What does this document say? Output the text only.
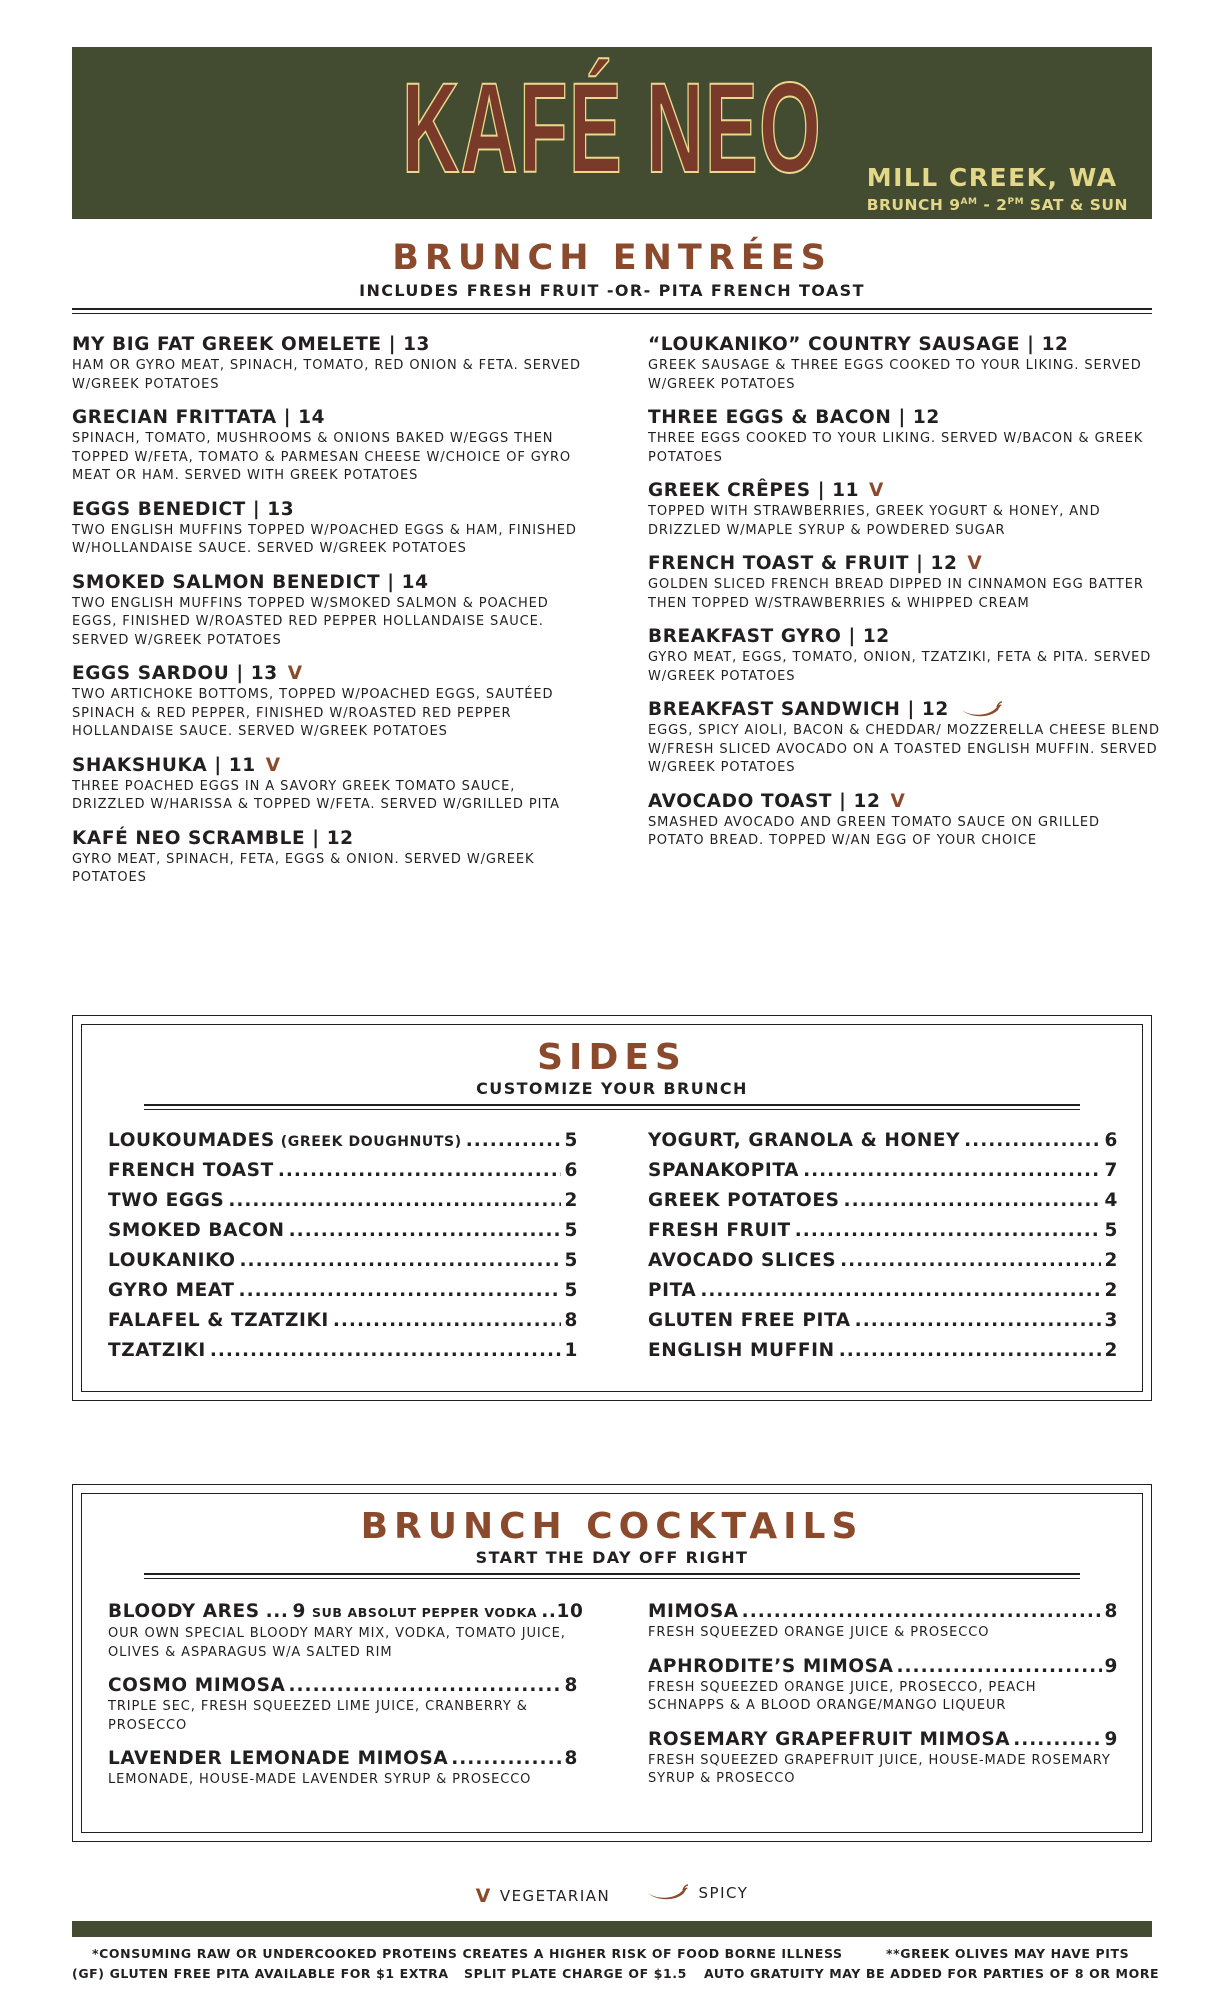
KAFÉ NEO MILL CREEK, WA
BRUNCH $9^{AM} - 2^{PM}$ SAT & SUN
BRUNCH ENTRÉES
INCLUDES FRESH FRUIT -OR- PITA FRENCH TOAST
MY BIG FAT GREEK OMELETE | 13
HAM OR GYRO MEAT, SPINACH, TOMATO, RED ONION & FETA. SERVED W/GREEK POTATOES
GRECIAN FRITTATA | 14
SPINACH, TOMATO, MUSHROOMS & ONIONS BAKED W/EGGS THEN TOPPED W/FETA, TOMATO & PARMESAN CHEESE W/CHOICE OF GYRO MEAT OR HAM. SERVED WITH GREEK POTATOES
EGGS BENEDICT | 13
TWO ENGLISH MUFFINS TOPPED W/POACHED EGGS & HAM, FINISHED W/HOLLANDAISE SAUCE. SERVED W/GREEK POTATOES
SMOKED SALMON BENEDICT | 14
TWO ENGLISH MUFFINS TOPPED W/SMOKED SALMON & POACHED EGGS, FINISHED W/ROASTED RED PEPPER HOLLANDAISE SAUCE. SERVED W/GREEK POTATOES
EGGS SARDOU | 13 V
TWO ARTICHOKE BOTTOMS, TOPPED W/POACHED EGGS, SAUTÉED SPINACH & RED PEPPER, FINISHED W/ROASTED RED PEPPER HOLLANDAISE SAUCE. SERVED W/GREEK POTATOES
SHAKSHUKA | 11 V
THREE POACHED EGGS IN A SAVORY GREEK TOMATO SAUCE, DRIZZLED W/HARISSA & TOPPED W/FETA. SERVED W/GRILLED PITA
KAFÉ NEO SCRAMBLE | 12
GYRO MEAT, SPINACH, FETA, EGGS & ONION. SERVED W/GREEK POTATOES
“LOUKANIKO” COUNTRY SAUSAGE | 12
GREEK SAUSAGE & THREE EGGS COOKED TO YOUR LIKING. SERVED W/GREEK POTATOES
THREE EGGS & BACON | 12
THREE EGGS COOKED TO YOUR LIKING. SERVED W/BACON & GREEK POTATOES
GREEK CRÊPES | 11 V
TOPPED WITH STRAWBERRIES, GREEK YOGURT & HONEY, AND DRIZZLED W/MAPLE SYRUP & POWDERED SUGAR
FRENCH TOAST & FRUIT | 12 V
GOLDEN SLICED FRENCH BREAD DIPPED IN CINNAMON EGG BATTER THEN TOPPED W/STRAWBERRIES & WHIPPED CREAM
BREAKFAST GYRO | 12
GYRO MEAT, EGGS, TOMATO, ONION, TZATZIKI, FETA & PITA. SERVED W/GREEK POTATOES
BREAKFAST SANDWICH | 12
EGGS, SPICY AIOLI, BACON & CHEDDAR/ MOZZERELLA CHEESE BLEND W/FRESH SLICED AVOCADO ON A TOASTED ENGLISH MUFFIN. SERVED W/GREEK POTATOES
AVOCADO TOAST | 12 V
SMASHED AVOCADO AND GREEN TOMATO SAUCE ON GRILLED POTATO BREAD. TOPPED W/AN EGG OF YOUR CHOICE
SIDES
CUSTOMIZE YOUR BRUNCH
LOUKOUMADES (GREEK DOUGHNUTS) .....	5
FRENCH TOAST .....	6
TWO EGGS .....	2
SMOKED BACON .....	5
LOUKANIKO .....	5
GYRO MEAT .....	5
FALAFEL & TZATZIKI .....	8
TZATZIKI .....	1
YOGURT, GRANOLA & HONEY .....	6
SPANAKOPITA .....	7
GREEK POTATOES .....	4
FRESH FRUIT .....	5
AVOCADO SLICES .....	2
PITA .....	2
GLUTEN FREE PITA .....	3
ENGLISH MUFFIN .....	2
BRUNCH COCKTAILS
START THE DAY OFF RIGHT
BLOODY ARES ... 9 SUB ABSOLUT PEPPER VODKA .. 10
OUR OWN SPECIAL BLOODY MARY MIX, VODKA, TOMATO JUICE, OLIVES & ASPARAGUS W/A SALTED RIM
COSMO MIMOSA .....	8
TRIPLE SEC, FRESH SQUEEZED LIME JUICE, CRANBERRY & PROSECCO
LAVENDER LEMONADE MIMOSA .....	8
LEMONADE, HOUSE-MADE LAVENDER SYRUP & PROSECCO
MIMOSA .....	8
FRESH SQUEEZED ORANGE JUICE & PROSECCO
APHRODITE’S MIMOSA .....	9
FRESH SQUEEZED ORANGE JUICE, PROSECCO, PEACH SCHNAPPS & A BLOOD ORANGE/MANGO LIQUEUR
ROSEMARY GRAPEFRUIT MIMOSA .....	9
FRESH SQUEEZED GRAPEFRUIT JUICE, HOUSE-MADE ROSEMARY SYRUP & PROSECCO
V VEGETARIAN
	SPICY
*CONSUMING RAW OR UNDERCOOKED PROTEINS CREATES A HIGHER RISK OF FOOD BORNE ILLNESS	**GREEK OLIVES MAY HAVE PITS
(GF) GLUTEN FREE PITA AVAILABLE FOR $1 EXTRA SPLIT PLATE CHARGE OF $1.5 AUTO GRATUITY MAY BE ADDED FOR PARTIES OF 8 OR MORE
